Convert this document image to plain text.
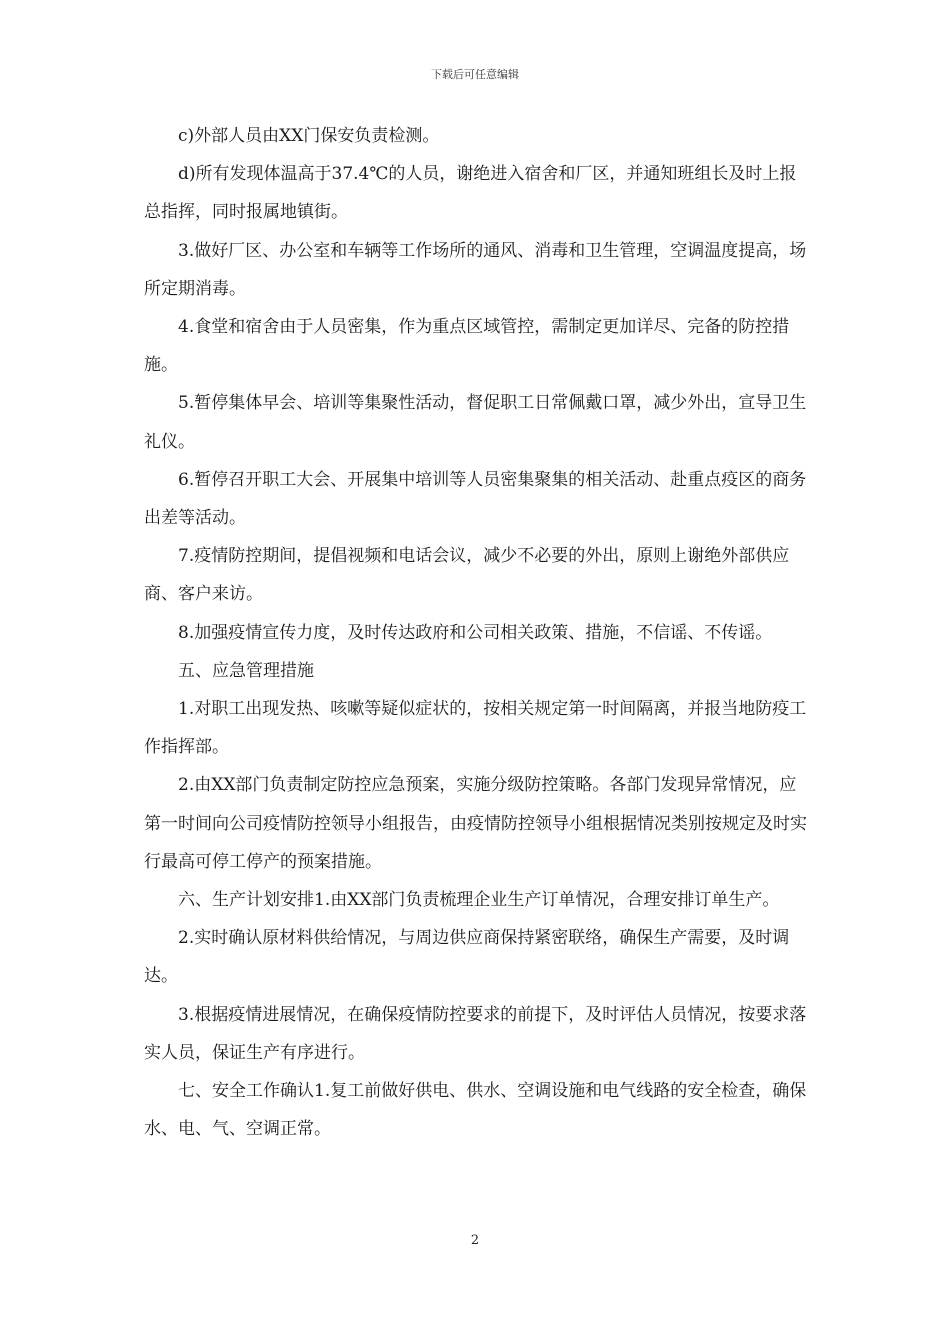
下载后可任意编辑

c)外部人员由XX门保安负责检测。

d)所有发现体温高于37.4℃的人员，谢绝进入宿舍和厂区，并通知班组长及时上报总指挥，同时报属地镇街。

3.做好厂区、办公室和车辆等工作场所的通风、消毒和卫生管理，空调温度提高，场所定期消毒。

4.食堂和宿舍由于人员密集，作为重点区域管控，需制定更加详尽、完备的防控措施。

5.暂停集体早会、培训等集聚性活动，督促职工日常佩戴口罩，减少外出，宣导卫生礼仪。

6.暂停召开职工大会、开展集中培训等人员密集聚集的相关活动、赴重点疫区的商务出差等活动。

7.疫情防控期间，提倡视频和电话会议，减少不必要的外出，原则上谢绝外部供应商、客户来访。

8.加强疫情宣传力度，及时传达政府和公司相关政策、措施，不信谣、不传谣。

五、应急管理措施

1.对职工出现发热、咳嗽等疑似症状的，按相关规定第一时间隔离，并报当地防疫工作指挥部。

2.由XX部门负责制定防控应急预案，实施分级防控策略。各部门发现异常情况，应第一时间向公司疫情防控领导小组报告，由疫情防控领导小组根据情况类别按规定及时实行最高可停工停产的预案措施。

六、生产计划安排1.由XX部门负责梳理企业生产订单情况，合理安排订单生产。

2.实时确认原材料供给情况，与周边供应商保持紧密联络，确保生产需要，及时调达。

3.根据疫情进展情况，在确保疫情防控要求的前提下，及时评估人员情况，按要求落实人员，保证生产有序进行。

七、安全工作确认1.复工前做好供电、供水、空调设施和电气线路的安全检查，确保水、电、气、空调正常。

2
